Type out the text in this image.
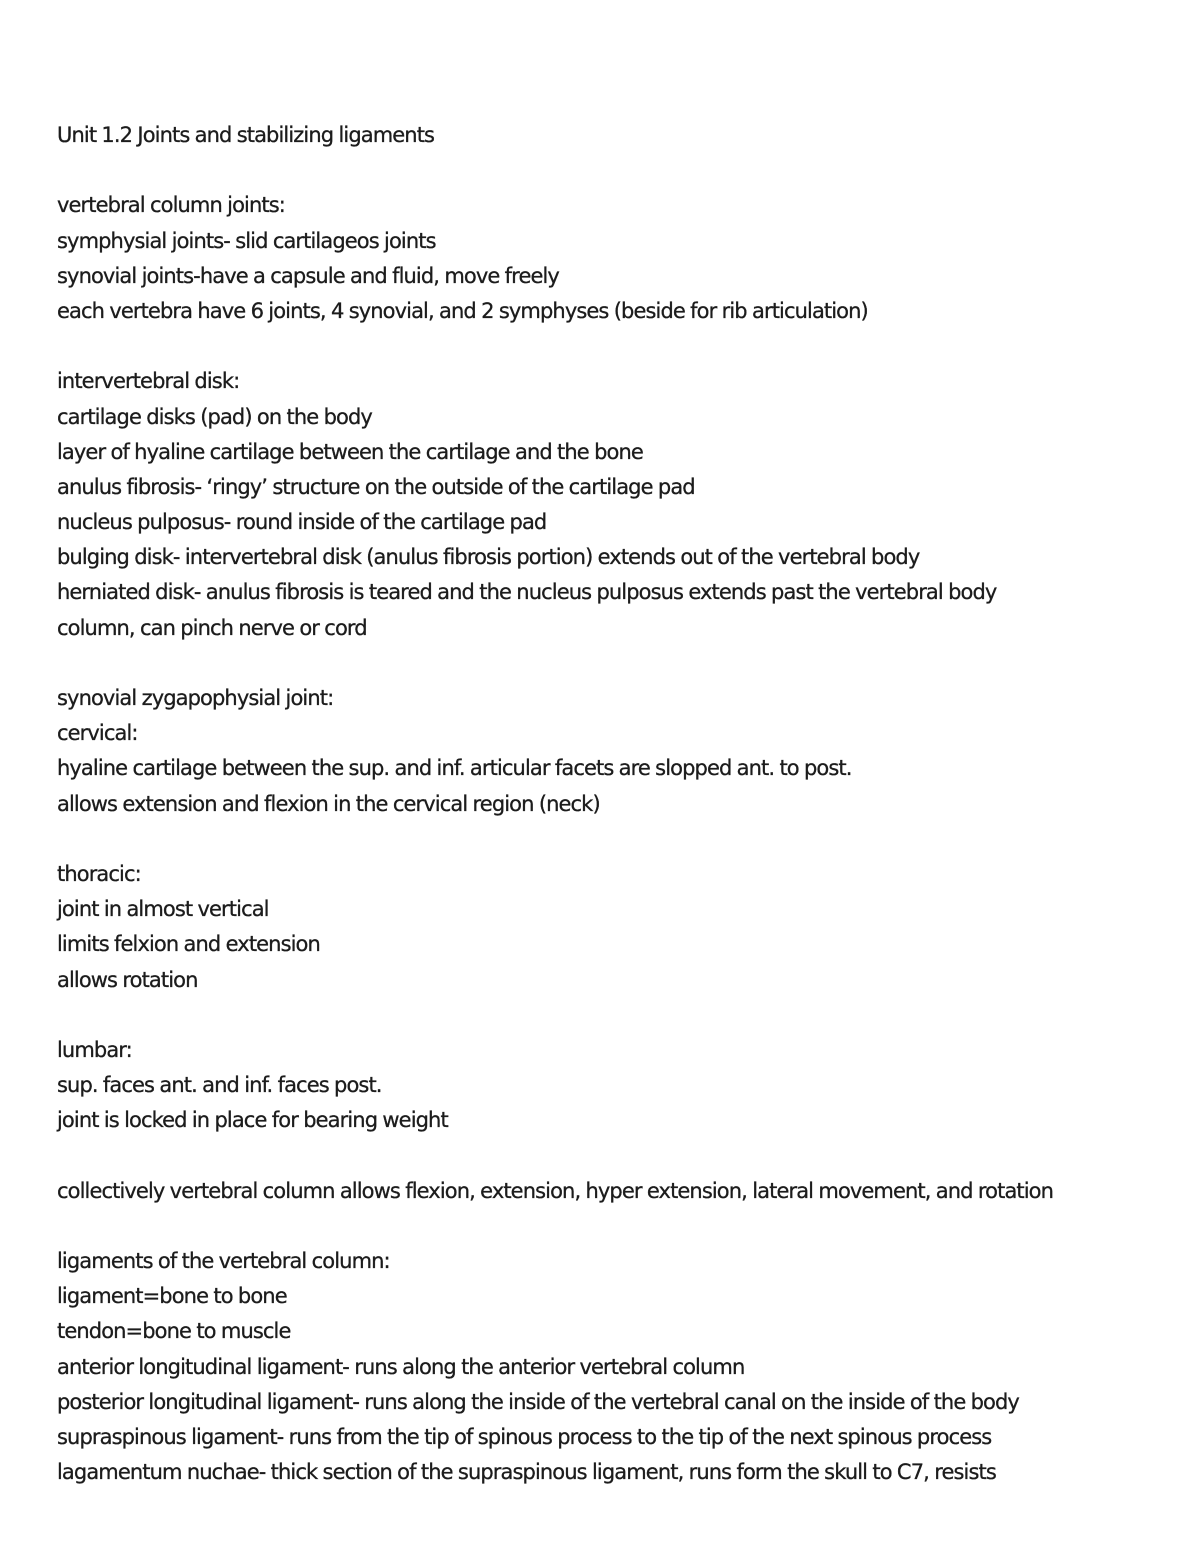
Unit 1.2 Joints and stabilizing ligaments
vertebral column joints:
symphysial joints- slid cartilageos joints
synovial joints-have a capsule and fluid, move freely
each vertebra have 6 joints, 4 synovial, and 2 symphyses (beside for rib articulation)
intervertebral disk:
cartilage disks (pad) on the body
layer of hyaline cartilage between the cartilage and the bone
anulus fibrosis- ‘ringy’ structure on the outside of the cartilage pad
nucleus pulposus- round inside of the cartilage pad
bulging disk- intervertebral disk (anulus fibrosis portion) extends out of the vertebral body
herniated disk- anulus fibrosis is teared and the nucleus pulposus extends past the vertebral body
column, can pinch nerve or cord
synovial zygapophysial joint:
cervical:
hyaline cartilage between the sup. and inf. articular facets are slopped ant. to post.
allows extension and flexion in the cervical region (neck)
thoracic:
joint in almost vertical
limits felxion and extension
allows rotation
lumbar:
sup. faces ant. and inf. faces post.
joint is locked in place for bearing weight
collectively vertebral column allows flexion, extension, hyper extension, lateral movement, and rotation
ligaments of the vertebral column:
ligament=bone to bone
tendon=bone to muscle
anterior longitudinal ligament- runs along the anterior vertebral column
posterior longitudinal ligament- runs along the inside of the vertebral canal on the inside of the body
supraspinous ligament- runs from the tip of spinous process to the tip of the next spinous process
lagamentum nuchae- thick section of the supraspinous ligament, runs form the skull to C7, resists
